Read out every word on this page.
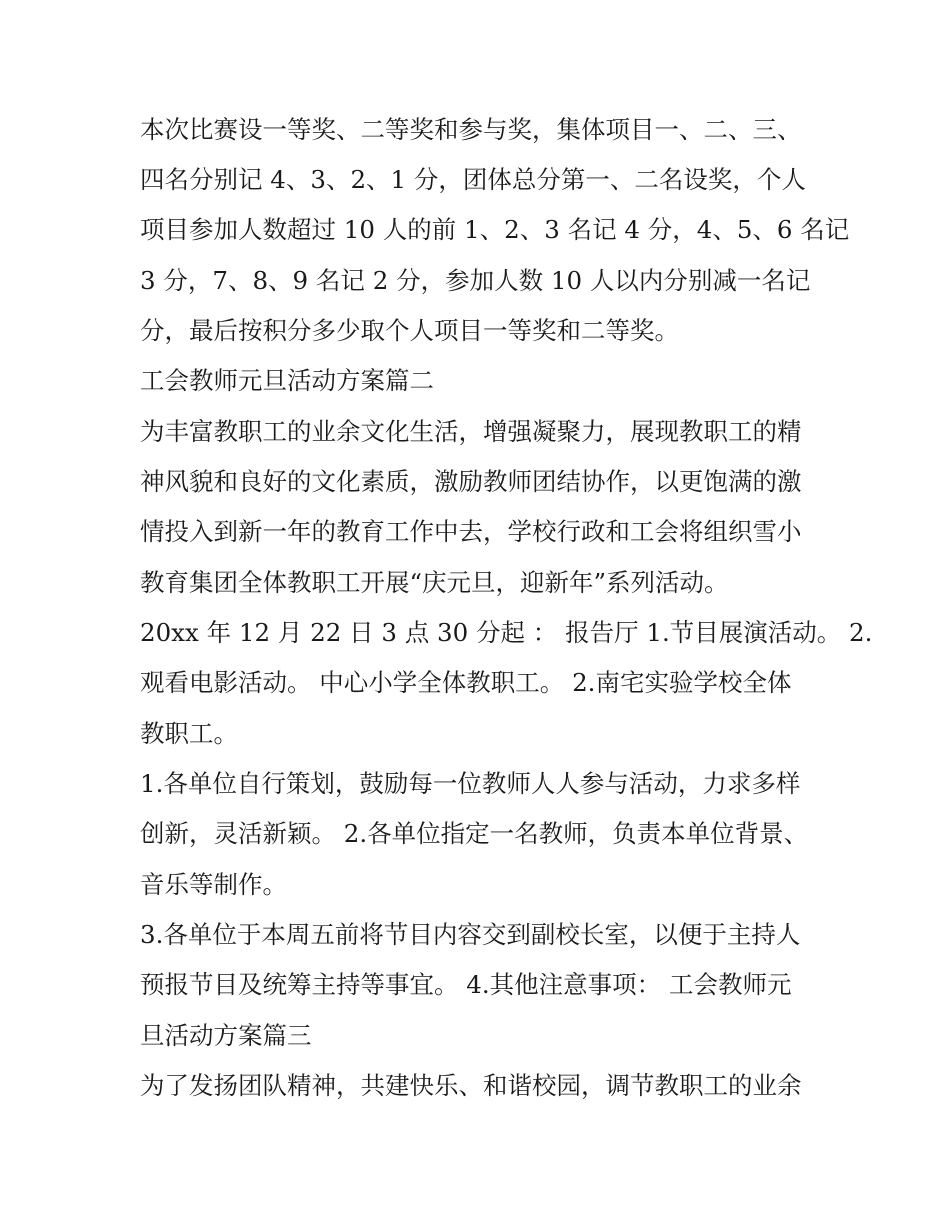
本次比赛设一等奖、二等奖和参与奖，集体项目一、二、三、
四名分别记 4、3、2、1 分，团体总分第一、二名设奖，个人
项目参加人数超过 10 人的前 1、2、3 名记 4 分，4、5、6 名记
3 分，7、8、9 名记 2 分，参加人数 10 人以内分别减一名记
分，最后按积分多少取个人项目一等奖和二等奖。
工会教师元旦活动方案篇二
为丰富教职工的业余文化生活，增强凝聚力，展现教职工的精
神风貌和良好的文化素质，激励教师团结协作，以更饱满的激
情投入到新一年的教育工作中去，学校行政和工会将组织雪小
教育集团全体教职工开展“庆元旦，迎新年”系列活动。
20xx 年 12 月 22 日 3 点 30 分起 ： 报告厅 1.节目展演活动。 2.
观看电影活动。 中心小学全体教职工。 2.南宅实验学校全体
教职工。
1.各单位自行策划，鼓励每一位教师人人参与活动，力求多样
创新，灵活新颖。 2.各单位指定一名教师，负责本单位背景、
音乐等制作。
3.各单位于本周五前将节目内容交到副校长室，以便于主持人
预报节目及统筹主持等事宜。 4.其他注意事项： 工会教师元
旦活动方案篇三
为了发扬团队精神，共建快乐、和谐校园，调节教职工的业余
